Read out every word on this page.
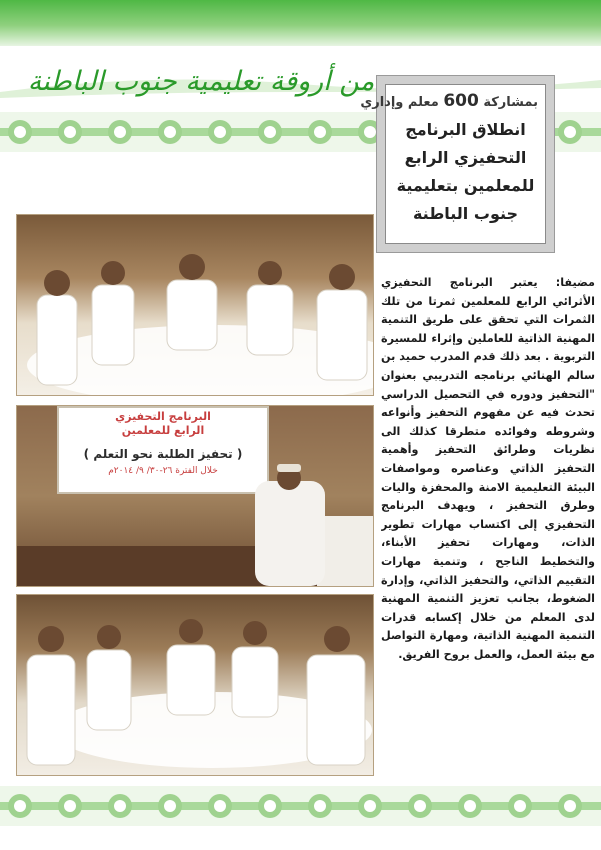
من أروقة تعليمية جنوب الباطنة
بمشاركة 600 معلم وإداري
انطلاق البرنامج التحفيزي الرابع للمعلمين بتعليمية جنوب الباطنة
البرنامج التحفيزي
الرابع للمعلمين
( تحفيز الطلبة نحو التعلم )
خلال الفترة ٢٦-٣٠/ ٩/ ٢٠١٤م
مضيفا: يعتبر البرنامج التحفيزي الأثرائي الرابع للمعلمين ثمرتا من تلك الثمرات التي تحقق على طريق التنمية المهنية الذاتية للعاملين وإثراء للمسيرة التربوية . بعد ذلك قدم المدرب حميد بن سالم الهنائي برنامجه التدريبي بعنوان "التحفيز ودوره في التحصيل الدراسي تحدث فيه عن مفهوم التحفيز وأنواعه وشروطه وفوائده متطرقا كذلك الى نظريات وطرائق التحفيز وأهمية التحفيز الذاتي وعناصره ومواصفات البيئة التعليمية الامنة والمحفزة واليات وطرق التحفيز ، ويهدف البرنامج التحفيزي إلى اكتساب مهارات تطوير الذات، ومهارات تحفيز الأبناء، والتخطيط الناجح ، وتنمية مهارات التقييم الذاتي، والتحفيز الذاتي، وإدارة الضغوط، بجانب تعزيز التنمية المهنية لدى المعلم من خلال إكسابه قدرات التنمية المهنية الذاتية، ومهارة التواصل مع بيئة العمل، والعمل بروح الفريق.
